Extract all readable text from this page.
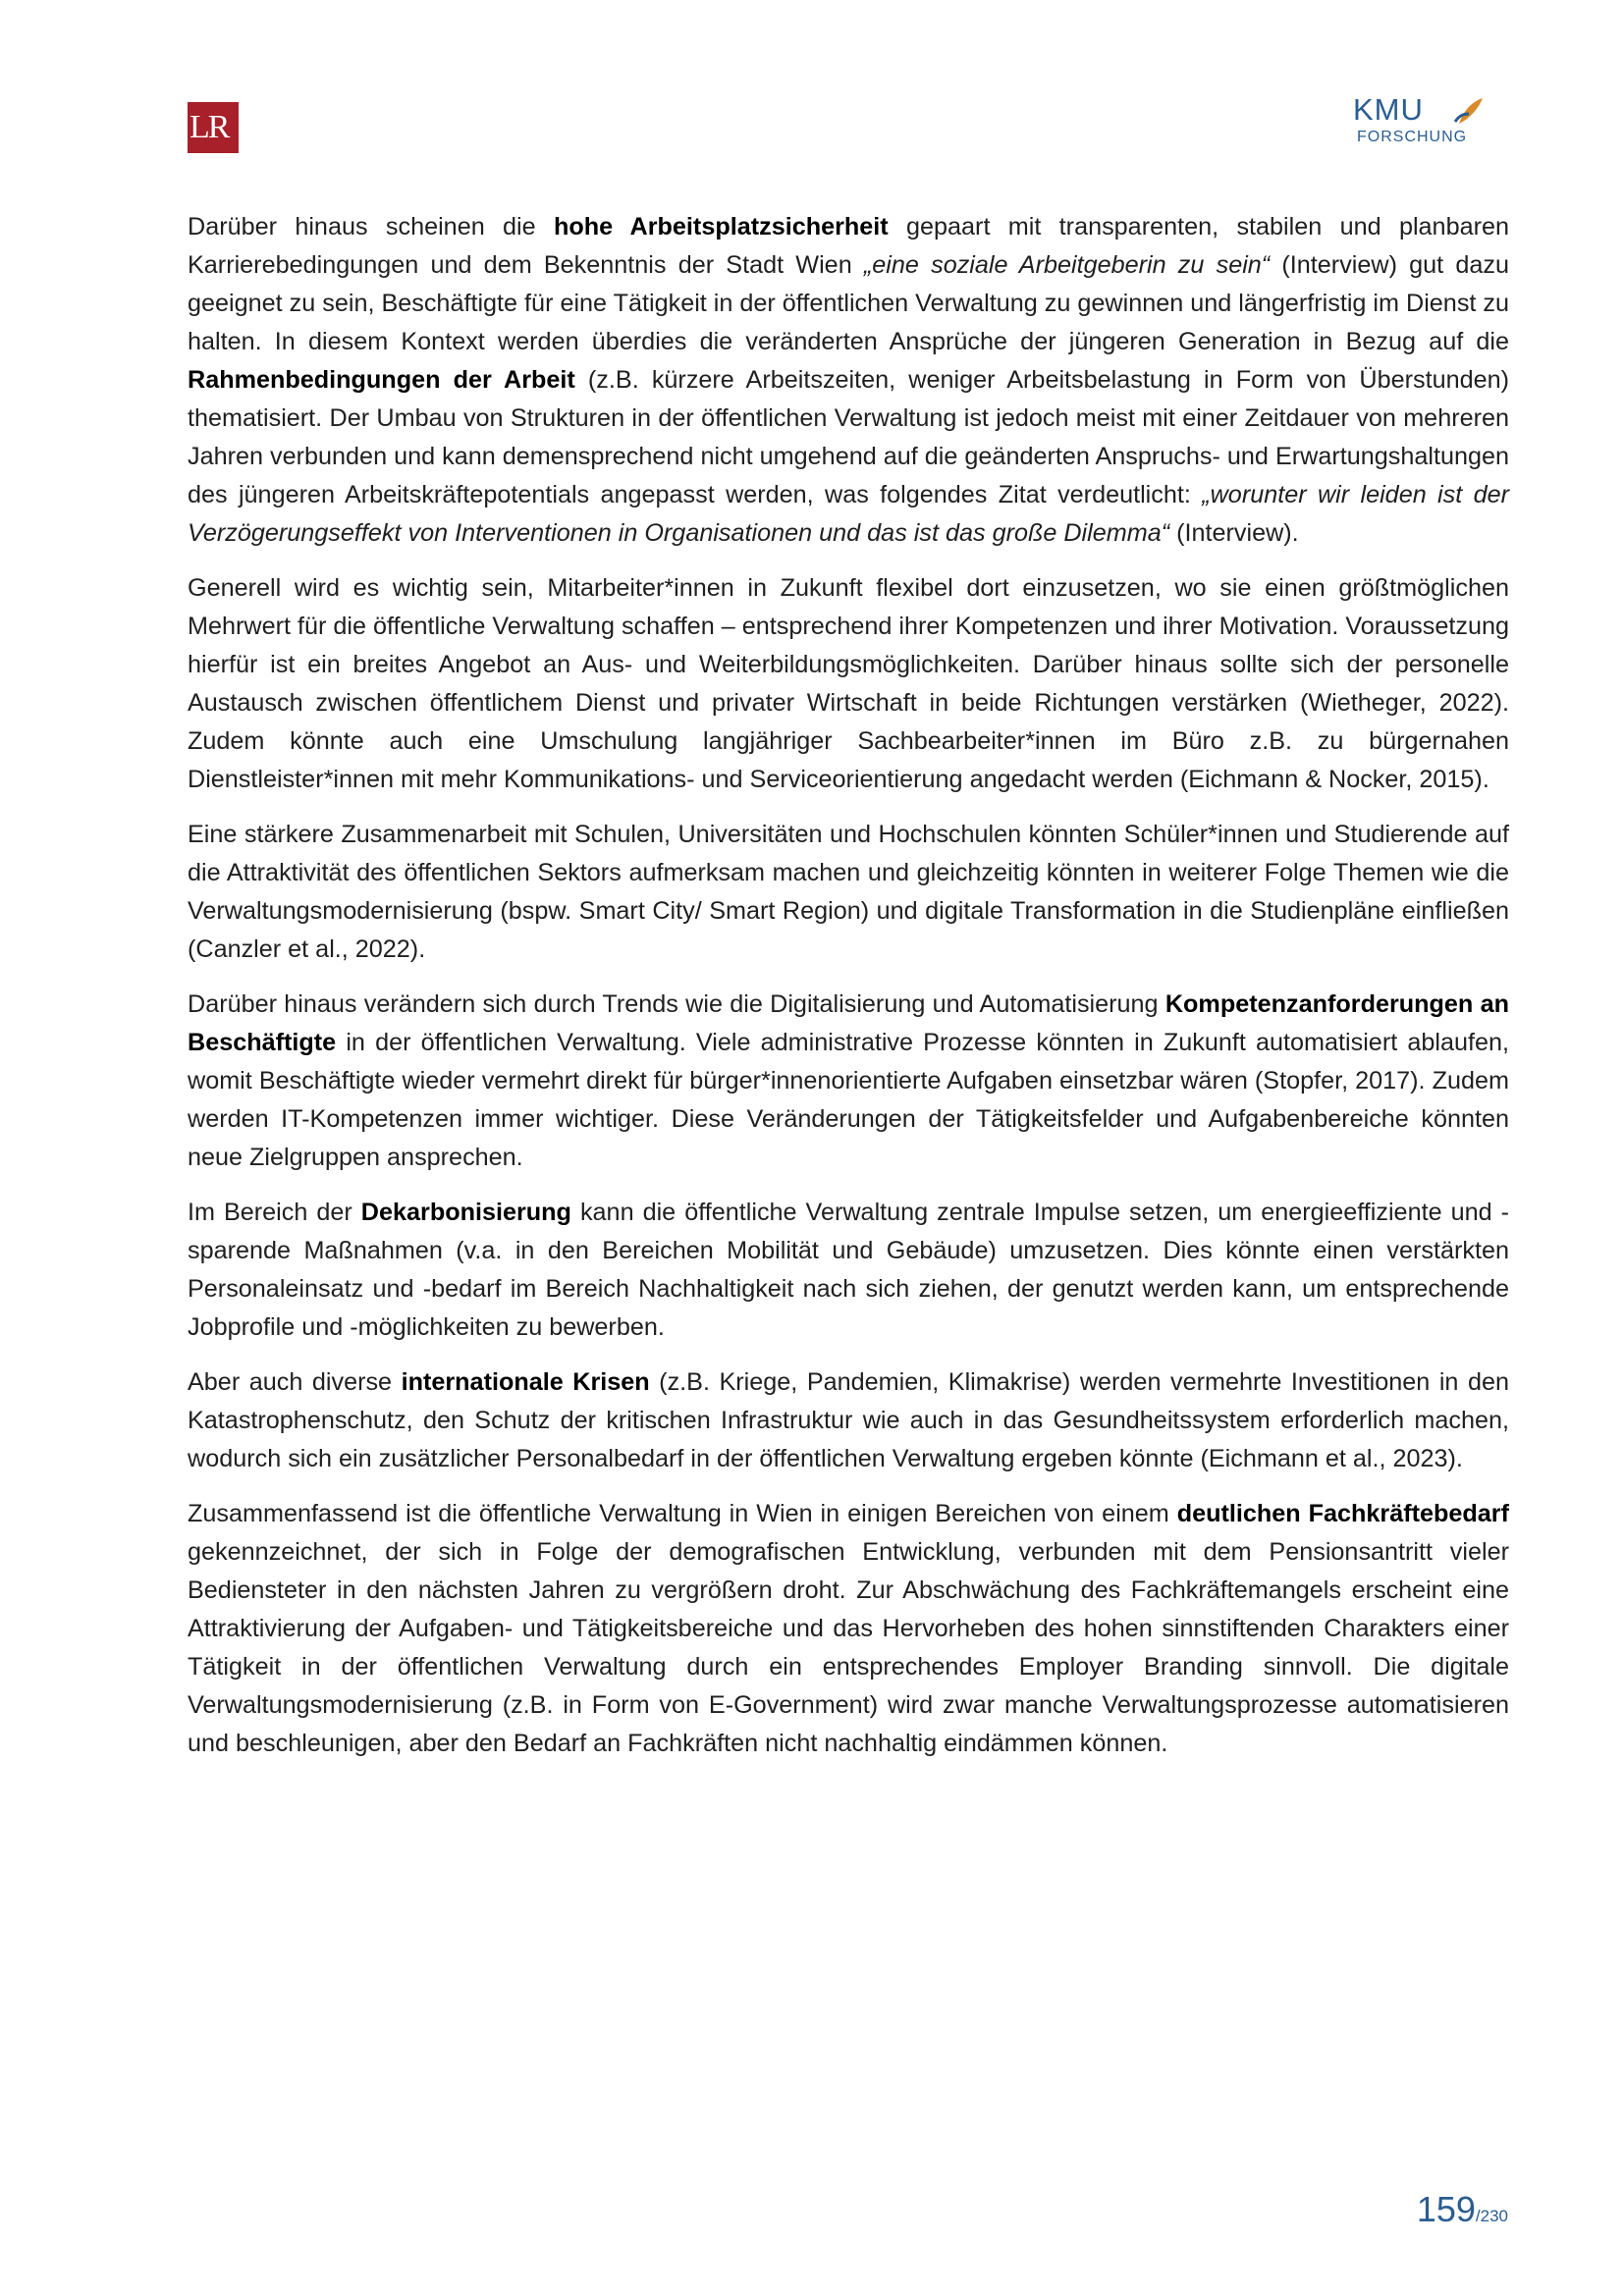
LR	KMU
FORSCHUNG

Darüber hinaus scheinen die hohe Arbeitsplatzsicherheit gepaart mit transparenten, stabilen und planbaren Karrierebedingungen und dem Bekenntnis der Stadt Wien „eine soziale Arbeitgeberin zu sein“ (Interview) gut dazu geeignet zu sein, Beschäftigte für eine Tätigkeit in der öffentlichen Verwaltung zu gewinnen und längerfristig im Dienst zu halten. In diesem Kontext werden überdies die veränderten Ansprüche der jüngeren Generation in Bezug auf die Rahmenbedingungen der Arbeit (z.B. kürzere Arbeitszeiten, weniger Arbeitsbelastung in Form von Überstunden) thematisiert. Der Umbau von Strukturen in der öffentlichen Verwaltung ist jedoch meist mit einer Zeitdauer von mehreren Jahren verbunden und kann demensprechend nicht umgehend auf die geänderten Anspruchs- und Erwartungshaltungen des jüngeren Arbeitskräftepotentials angepasst werden, was folgendes Zitat verdeutlicht: „worunter wir leiden ist der Verzögerungseffekt von Interventionen in Organisationen und das ist das große Dilemma“ (Interview).

Generell wird es wichtig sein, Mitarbeiter*innen in Zukunft flexibel dort einzusetzen, wo sie einen größtmöglichen Mehrwert für die öffentliche Verwaltung schaffen – entsprechend ihrer Kompetenzen und ihrer Motivation. Voraussetzung hierfür ist ein breites Angebot an Aus- und Weiterbildungsmöglichkeiten. Darüber hinaus sollte sich der personelle Austausch zwischen öffentlichem Dienst und privater Wirtschaft in beide Richtungen verstärken (Wietheger, 2022). Zudem könnte auch eine Umschulung langjähriger Sachbearbeiter*innen im Büro z.B. zu bürgernahen Dienstleister*innen mit mehr Kommunikations- und Serviceorientierung angedacht werden (Eichmann & Nocker, 2015).

Eine stärkere Zusammenarbeit mit Schulen, Universitäten und Hochschulen könnten Schüler*innen und Studierende auf die Attraktivität des öffentlichen Sektors aufmerksam machen und gleichzeitig könnten in weiterer Folge Themen wie die Verwaltungsmodernisierung (bspw. Smart City/ Smart Region) und digitale Transformation in die Studienpläne einfließen (Canzler et al., 2022).

Darüber hinaus verändern sich durch Trends wie die Digitalisierung und Automatisierung Kompetenzanforderungen an Beschäftigte in der öffentlichen Verwaltung. Viele administrative Prozesse könnten in Zukunft automatisiert ablaufen, womit Beschäftigte wieder vermehrt direkt für bürger*innenorientierte Aufgaben einsetzbar wären (Stopfer, 2017). Zudem werden IT-Kompetenzen immer wichtiger. Diese Veränderungen der Tätigkeitsfelder und Aufgabenbereiche könnten neue Zielgruppen ansprechen.

Im Bereich der Dekarbonisierung kann die öffentliche Verwaltung zentrale Impulse setzen, um energieeffiziente und -sparende Maßnahmen (v.a. in den Bereichen Mobilität und Gebäude) umzusetzen. Dies könnte einen verstärkten Personaleinsatz und -bedarf im Bereich Nachhaltigkeit nach sich ziehen, der genutzt werden kann, um entsprechende Jobprofile und -möglichkeiten zu bewerben.

Aber auch diverse internationale Krisen (z.B. Kriege, Pandemien, Klimakrise) werden vermehrte Investitionen in den Katastrophenschutz, den Schutz der kritischen Infrastruktur wie auch in das Gesundheitssystem erforderlich machen, wodurch sich ein zusätzlicher Personalbedarf in der öffentlichen Verwaltung ergeben könnte (Eichmann et al., 2023).

Zusammenfassend ist die öffentliche Verwaltung in Wien in einigen Bereichen von einem deutlichen Fachkräftebedarf gekennzeichnet, der sich in Folge der demografischen Entwicklung, verbunden mit dem Pensionsantritt vieler Bediensteter in den nächsten Jahren zu vergrößern droht. Zur Abschwächung des Fachkräftemangels erscheint eine Attraktivierung der Aufgaben- und Tätigkeitsbereiche und das Hervorheben des hohen sinnstiftenden Charakters einer Tätigkeit in der öffentlichen Verwaltung durch ein entsprechendes Employer Branding sinnvoll. Die digitale Verwaltungsmodernisierung (z.B. in Form von E-Government) wird zwar manche Verwaltungsprozesse automatisieren und beschleunigen, aber den Bedarf an Fachkräften nicht nachhaltig eindämmen können.

159/230
